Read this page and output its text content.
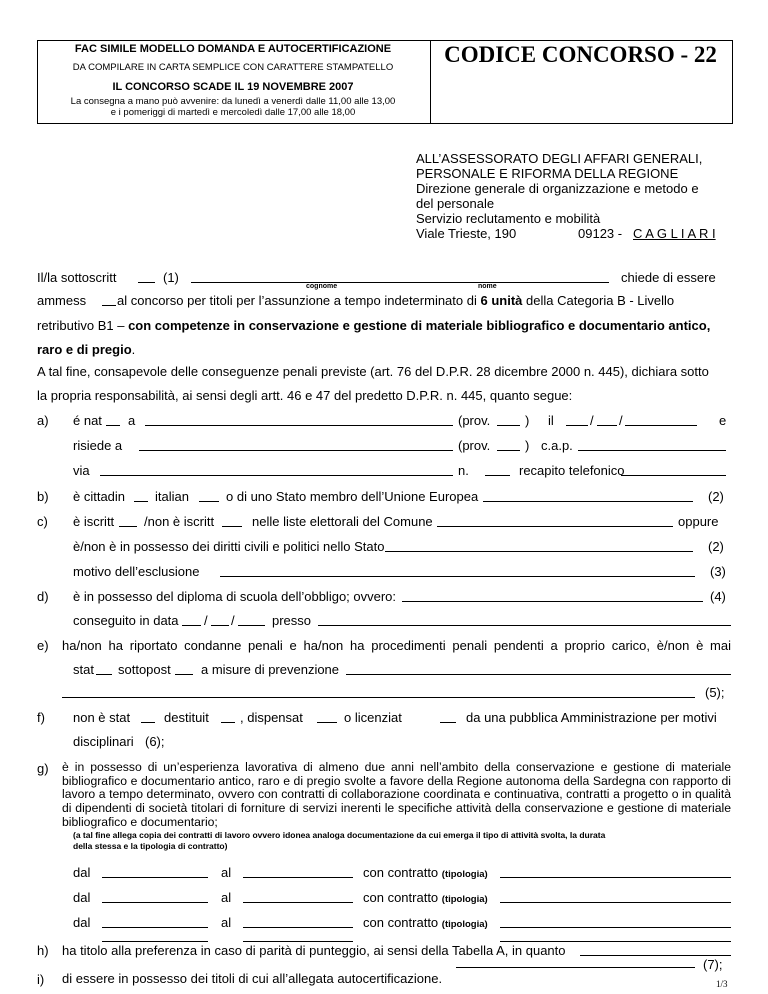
FAC SIMILE MODELLO DOMANDA E AUTOCERTIFICAZIONE
DA COMPILARE IN CARTA SEMPLICE CON CARATTERE STAMPATELLO
IL CONCORSO SCADE IL 19 NOVEMBRE 2007
La consegna a mano può avvenire: da lunedì a venerdì dalle 11,00 alle 13,00
e i pomeriggi di martedì e mercoledì dalle 17,00 alle 18,00
CODICE CONCORSO - 22
ALL’ASSESSORATO DEGLI AFFARI GENERALI,
PERSONALE E RIFORMA DELLA REGIONE
Direzione generale di organizzazione e metodo e
del personale
Servizio reclutamento e mobilità
Viale Trieste, 190	09123 - C A G L I A R I
Il/la sottoscritt	(1)
cognome	nome
chiede di essere
ammess al concorso per titoli per l’assunzione a tempo indeterminato di 6 unità della Categoria B - Livello
retributivo B1 – con competenze in conservazione e gestione di materiale bibliografico e documentario antico,
raro e di pregio.
A tal fine, consapevole delle conseguenze penali previste (art. 76 del D.P.R. 28 dicembre 2000 n. 445), dichiara sotto
la propria responsabilità, ai sensi degli artt. 46 e 47 del predetto D.P.R. n. 445, quanto segue:
a) é nat a	(prov.	) il	/ /	e
risiede a	(prov.	) c.a.p.
via	n.	recapito telefonico
b) è cittadin italian	o di uno Stato membro dell’Unione Europea	(2)
c) è iscritt /non è iscritt	nelle liste elettorali del Comune	oppure
è/non è in possesso dei diritti civili e politici nello Stato	(2)
motivo dell’esclusione	(3)
d) è in possesso del diploma di scuola dell’obbligo; ovvero:	(4)
conseguito in data / /	presso
e) ha/non ha riportato condanne penali e ha/non ha procedimenti penali pendenti a proprio carico, è/non è mai
stat sottopost a misure di prevenzione
(5);
f) non è stat	destituit , dispensat	o licenziat	da una pubblica Amministrazione per motivi
disciplinari (6);
g) è in possesso di un’esperienza lavorativa di almeno due anni nell’ambito della conservazione e gestione di materiale bibliografico e documentario antico, raro e di pregio svolte a favore della Regione autonoma della Sardegna con rapporto di lavoro a tempo determinato, ovvero con contratti di collaborazione coordinata e continuativa, contratti a progetto o in qualità di dipendenti di società titolari di forniture di servizi inerenti le specifiche attività della conservazione e gestione di materiale bibliografico e documentario;
(a tal fine allega copia dei contratti di lavoro ovvero idonea analoga documentazione da cui emerga il tipo di attività svolta, la durata
della stessa e la tipologia di contratto)
dal	al	con contratto (tipologia)
dal	al	con contratto (tipologia)
dal	al	con contratto (tipologia)
h) ha titolo alla preferenza in caso di parità di punteggio, ai sensi della Tabella A, in quanto
(7);
i) di essere in possesso dei titoli di cui all’allegata autocertificazione.	1/3
